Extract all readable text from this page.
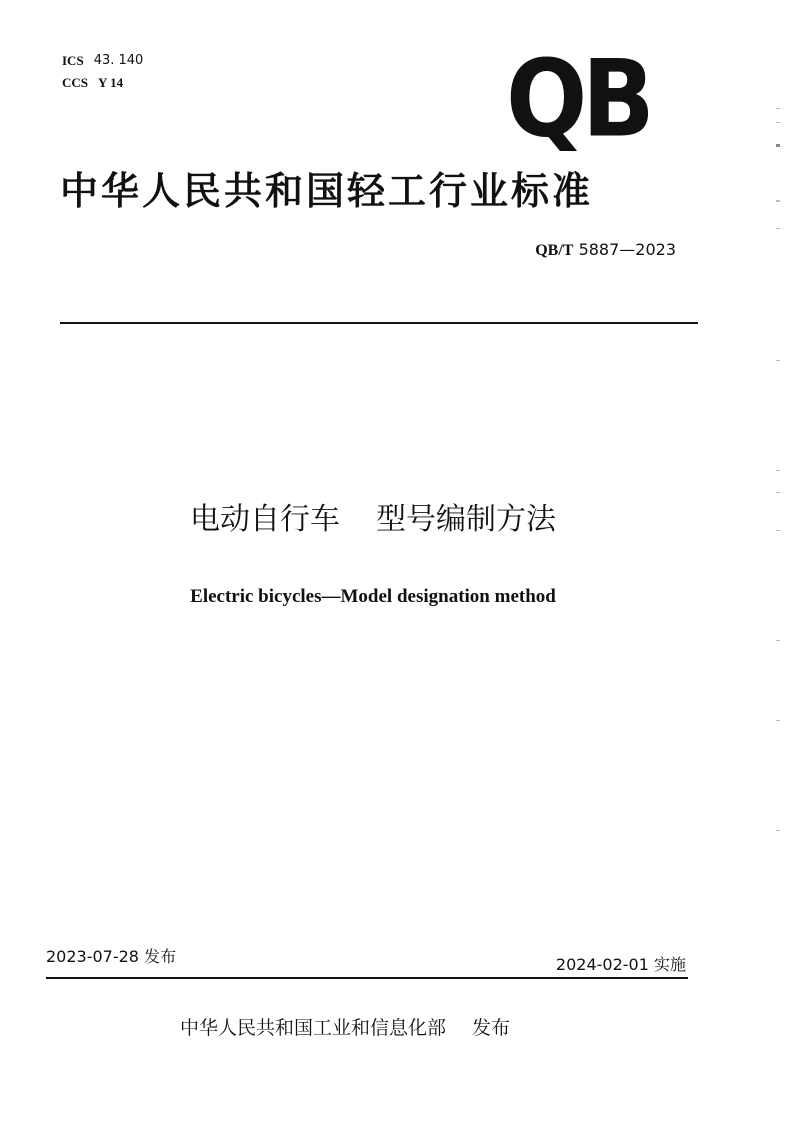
ICS 43. 140
CCS Y 14	QB
中华人民共和国轻工行业标准
QB/T 5887—2023
电动自行车 型号编制方法
Electric bicycles—Model designation method
2023-07-28 发布	2024-02-01 实施
中华人民共和国工业和信息化部 发布
